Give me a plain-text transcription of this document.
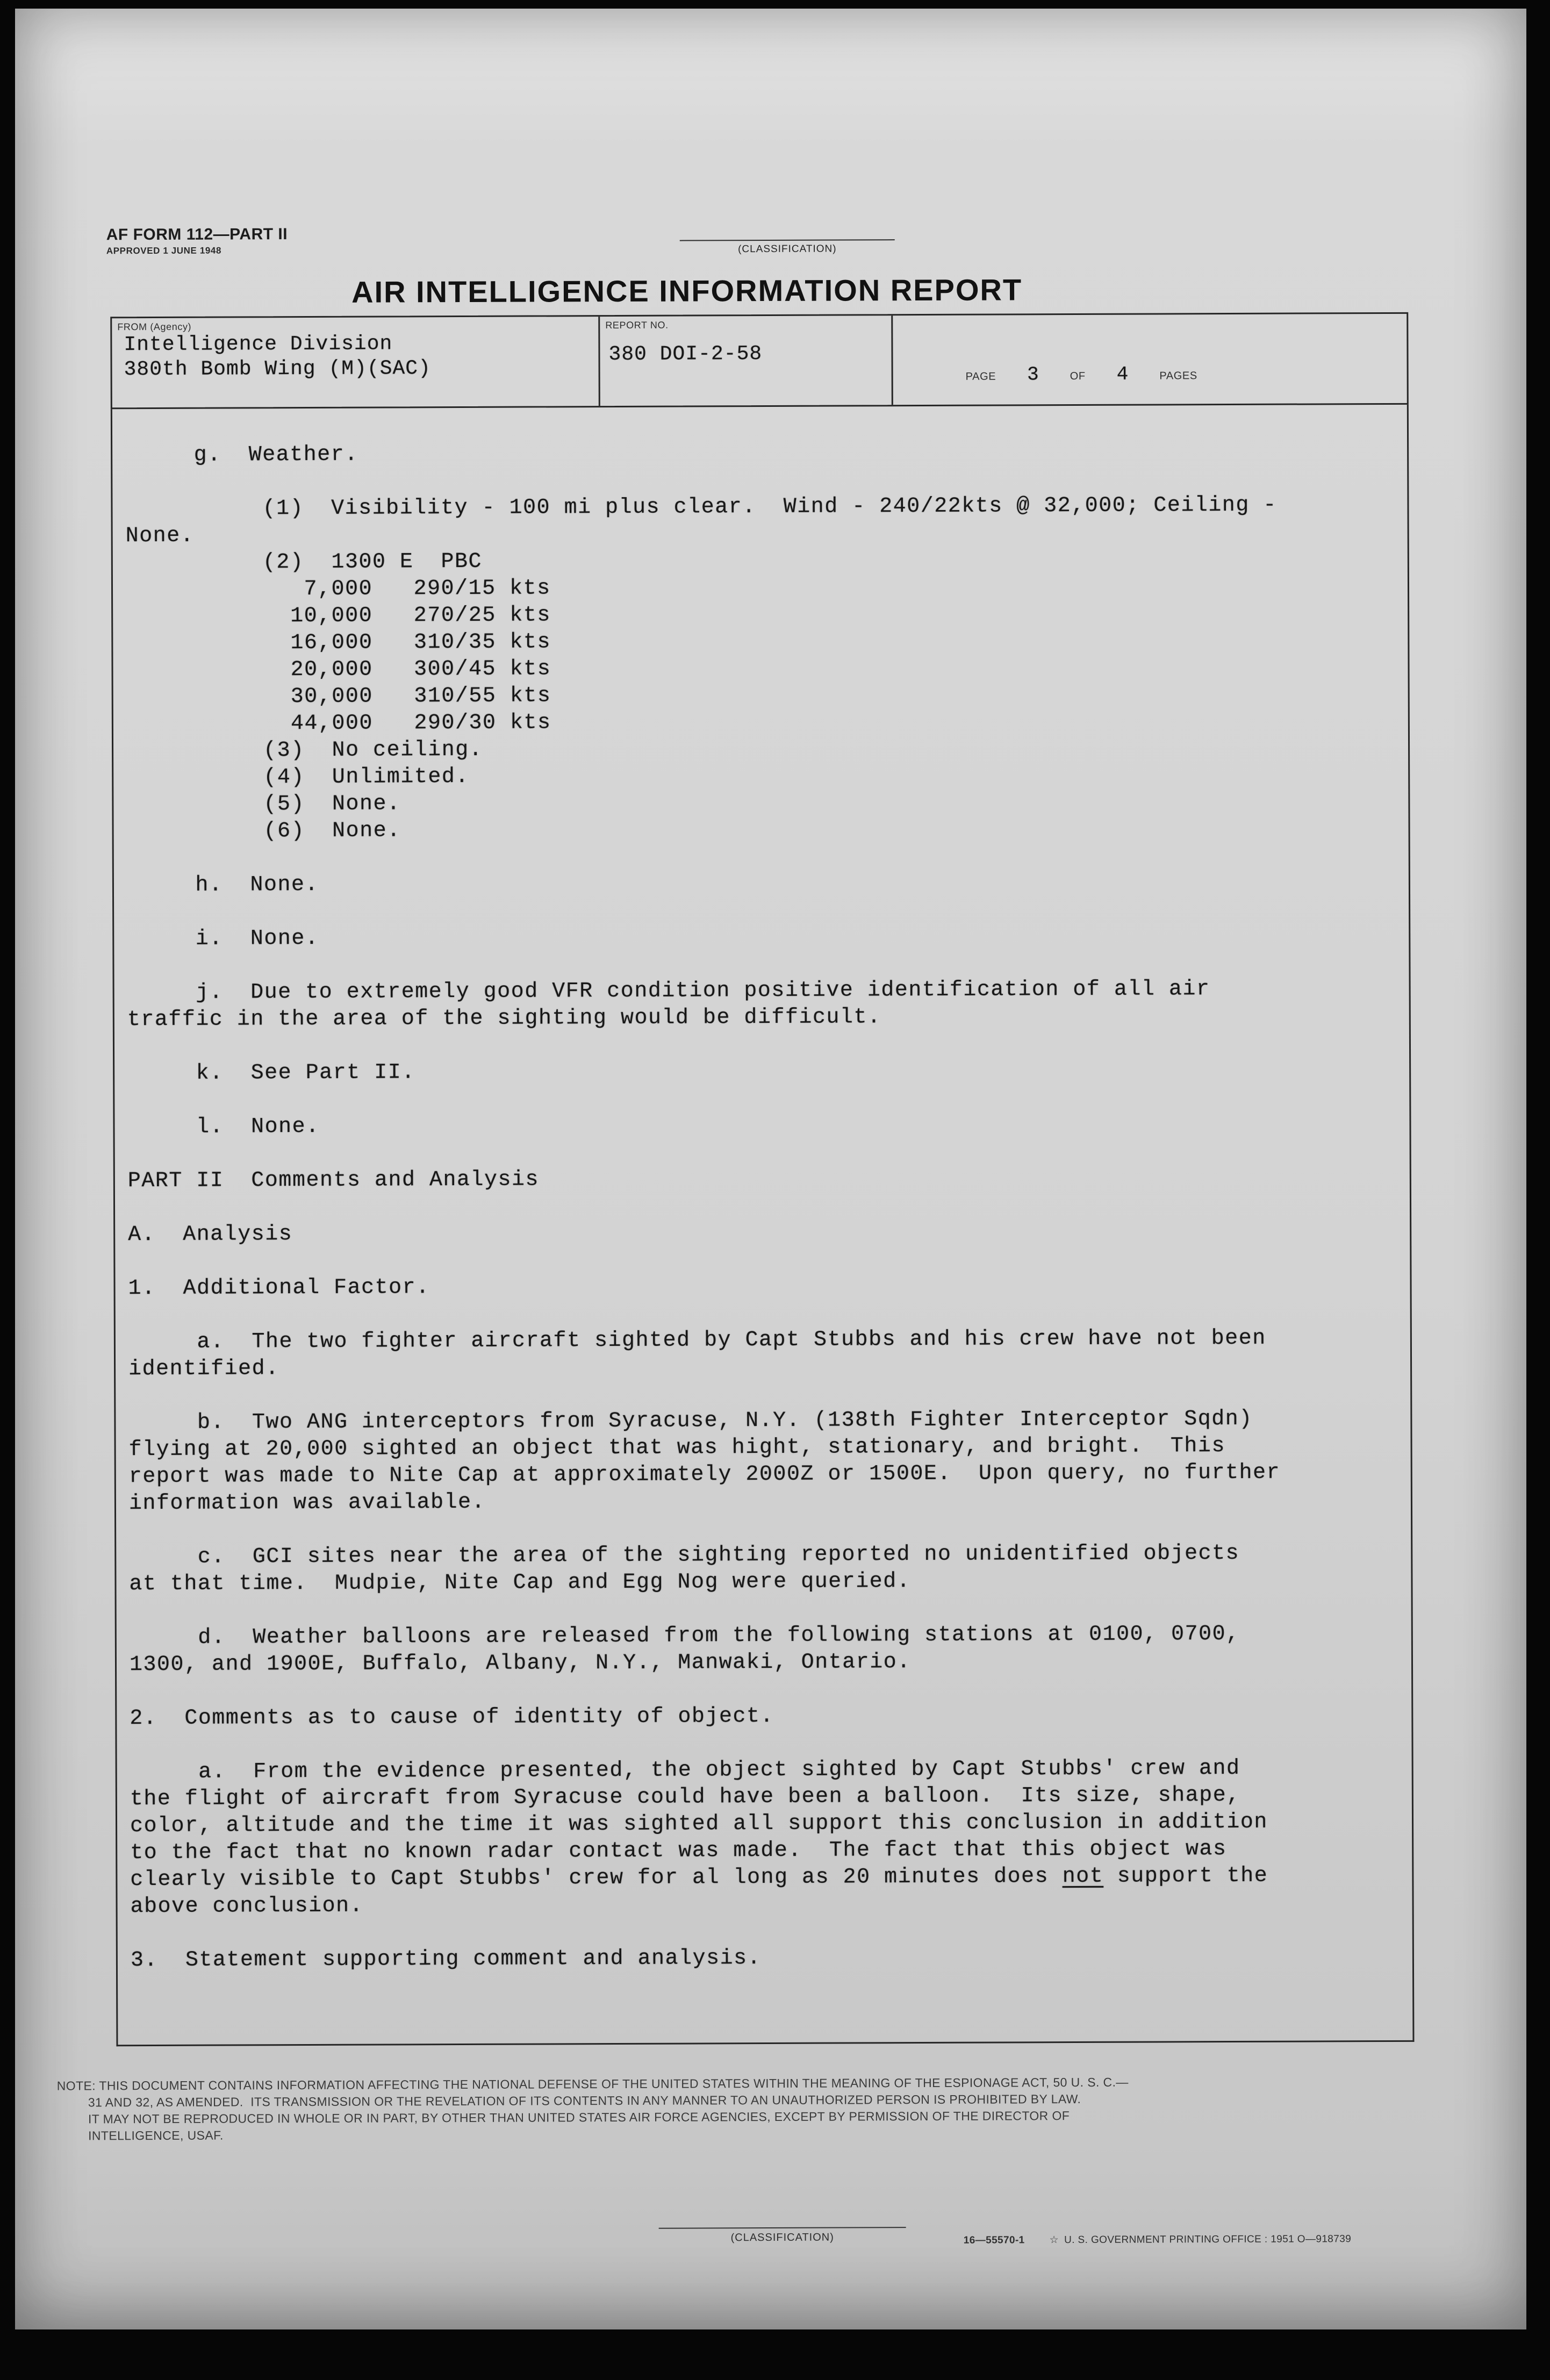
AF FORM 112—PART II
APPROVED 1 JUNE 1948	(CLASSIFICATION)
AIR INTELLIGENCE INFORMATION REPORT
FROM (Agency)
Intelligence Division
380th Bomb Wing (M)(SAC)
REPORT NO.
380 DOI-2-58
PAGE 3	OF 4	PAGES
g.  Weather.

(1)  Visibility - 100 mi plus clear.  Wind - 240/22kts @ 32,000; Ceiling -
None.
(2)  1300 E  PBC
7,000   290/15 kts
10,000   270/25 kts
16,000   310/35 kts
20,000   300/45 kts
30,000   310/55 kts
44,000   290/30 kts
(3)  No ceiling.
(4)  Unlimited.
(5)  None.
(6)  None.

h.  None.

i.  None.

j.  Due to extremely good VFR condition positive identification of all air
traffic in the area of the sighting would be difficult.

k.  See Part II.

l.  None.

PART II  Comments and Analysis

A.  Analysis

1.  Additional Factor.

a.  The two fighter aircraft sighted by Capt Stubbs and his crew have not been
identified.

b.  Two ANG interceptors from Syracuse, N.Y. (138th Fighter Interceptor Sqdn)
flying at 20,000 sighted an object that was hight, stationary, and bright.  This
report was made to Nite Cap at approximately 2000Z or 1500E.  Upon query, no further
information was available.

c.  GCI sites near the area of the sighting reported no unidentified objects
at that time.  Mudpie, Nite Cap and Egg Nog were queried.

d.  Weather balloons are released from the following stations at 0100, 0700,
1300, and 1900E, Buffalo, Albany, N.Y., Manwaki, Ontario.

2.  Comments as to cause of identity of object.

a.  From the evidence presented, the object sighted by Capt Stubbs' crew and
the flight of aircraft from Syracuse could have been a balloon.  Its size, shape,
color, altitude and the time it was sighted all support this conclusion in addition
to the fact that no known radar contact was made.  The fact that this object was
clearly visible to Capt Stubbs' crew for al long as 20 minutes does not support the
above conclusion.

3.  Statement supporting comment and analysis.
NOTE: THIS DOCUMENT CONTAINS INFORMATION AFFECTING THE NATIONAL DEFENSE OF THE UNITED STATES WITHIN THE MEANING OF THE ESPIONAGE ACT, 50 U. S. C.—
31 AND 32, AS AMENDED.  ITS TRANSMISSION OR THE REVELATION OF ITS CONTENTS IN ANY MANNER TO AN UNAUTHORIZED PERSON IS PROHIBITED BY LAW.
IT MAY NOT BE REPRODUCED IN WHOLE OR IN PART, BY OTHER THAN UNITED STATES AIR FORCE AGENCIES, EXCEPT BY PERMISSION OF THE DIRECTOR OF
INTELLIGENCE, USAF.
(CLASSIFICATION)	16—55570-1 ☆ U. S. GOVERNMENT PRINTING OFFICE : 1951 O—918739
